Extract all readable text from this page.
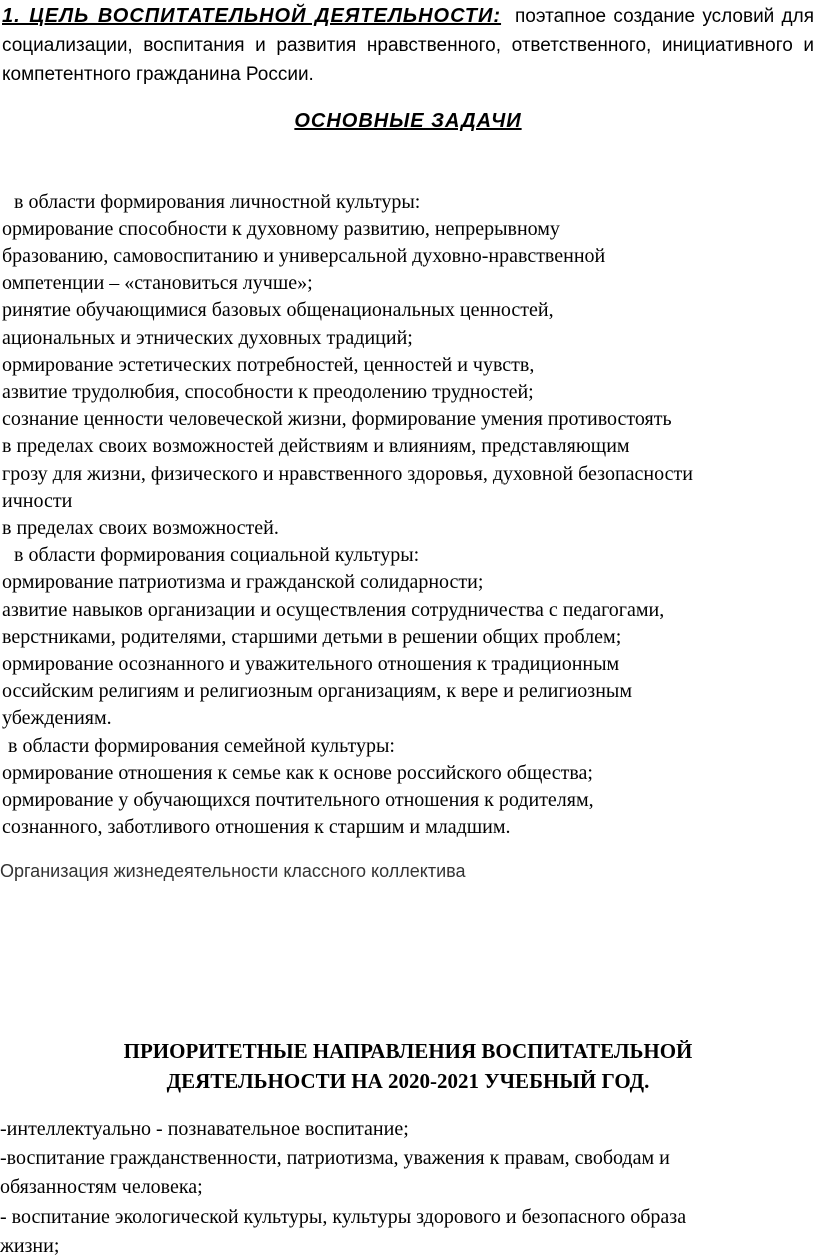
1. ЦЕЛЬ ВОСПИТАТЕЛЬНОЙ ДЕЯТЕЛЬНОСТИ: поэтапное создание условий для социализации, воспитания и развития нравственного, ответственного, инициативного и компетентного гражданина России.
ОСНОВНЫЕ ЗАДАЧИ
в области формирования личностной культуры:
ормирование способности к духовному развитию, непрерывному
бразованию, самовоспитанию и универсальной духовно-нравственной
омпетенции – «становиться лучше»;
ринятие обучающимися базовых общенациональных ценностей,
ациональных и этнических духовных традиций;
ормирование эстетических потребностей, ценностей и чувств,
азвитие трудолюбия, способности к преодолению трудностей;
сознание ценности человеческой жизни, формирование умения противостоять
в пределах своих возможностей действиям и влияниям, представляющим
грозу для жизни, физического и нравственного здоровья, духовной безопасности
ичности
в пределах своих возможностей.
в области формирования социальной культуры:
ормирование патриотизма и гражданской солидарности;
азвитие навыков организации и осуществления сотрудничества с педагогами,
верстниками, родителями, старшими детьми в решении общих проблем;
ормирование осознанного и уважительного отношения к традиционным
оссийским религиям и религиозным организациям, к вере и религиозным
убеждениям.
в области формирования семейной культуры:
ормирование отношения к семье как к основе российского общества;
ормирование у обучающихся почтительного отношения к родителям,
сознанного, заботливого отношения к старшим и младшим.
Организация жизнедеятельности классного коллектива
ПРИОРИТЕТНЫЕ НАПРАВЛЕНИЯ ВОСПИТАТЕЛЬНОЙ
ДЕЯТЕЛЬНОСТИ НА 2020-2021 УЧЕБНЫЙ ГОД.
-интеллектуально - познавательное воспитание;
-воспитание гражданственности, патриотизма, уважения к правам, свободам и
обязанностям человека;
- воспитание экологической культуры, культуры здорового и безопасного образа
жизни;
